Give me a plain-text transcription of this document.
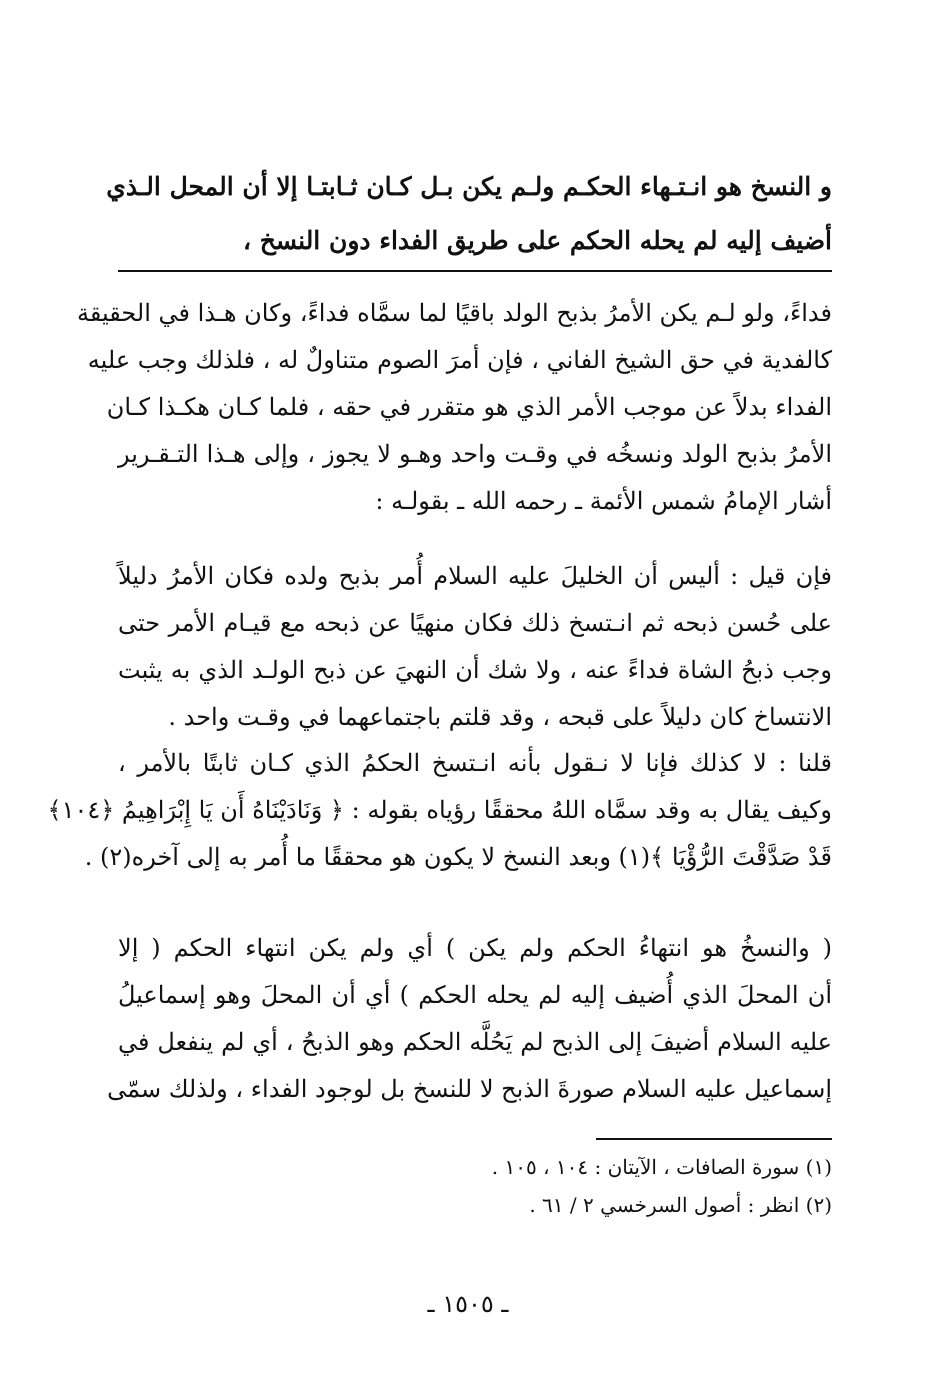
و النسخ هو انـتـهاء الحكـم ولـم يكن بـل كـان ثـابتـا إلا أن المحل الـذي
أضيف إليه لم يحله الحكم على طريق الفداء دون النسخ ،
فداءً، ولو لـم يكن الأمرُ بذبح الولد باقيًا لما سمَّاه فداءً، وكان هـذا في الحقيقة
كالفدية في حق الشيخ الفاني ، فإن أمرَ الصوم متناولٌ له ، فلذلك وجب عليه
الفداء بدلاً عن موجب الأمر الذي هو متقرر في حقه ، فلما كـان هكـذا كـان
الأمرُ بذبح الولد ونسخُه في وقـت واحد وهـو لا يجوز ، وإلى هـذا التـقـرير
أشار الإمامُ شمس الأئمة ـ رحمه الله ـ بقولـه :
فإن قيل : أليس أن الخليلَ عليه السلام أُمر بذبح ولده فكان الأمرُ دليلاً
على حُسن ذبحه ثم انـتسخ ذلك فكان منهيًا عن ذبحه مع قيـام الأمر حتى
وجب ذبحُ الشاة فداءً عنه ، ولا شك أن النهيَ عن ذبح الولـد الذي به يثبت
الانتساخ كان دليلاً على قبحه ، وقد قلتم باجتماعهما في وقـت واحد .
قلنا : لا كذلك فإنا لا نـقول بأنه انـتسخ الحكمُ الذي كـان ثابتًا بالأمر ،
وكيف يقال به وقد سمَّاه اللهُ محققًا رؤياه بقوله : ﴿ وَنَادَيْنَاهُ أَن يَا إِبْرَاهِيمُ ﴿١٠٤﴾
قَدْ صَدَّقْتَ الرُّؤْيَا ﴾(١) وبعد النسخ لا يكون هو محققًا ما أُمر به إلى آخره(٢) .
( والنسخُ هو انتهاءُ الحكم ولم يكن ) أي ولم يكن انتهاء الحكم ( إلا
أن المحلَ الذي أُضيف إليه لم يحله الحكم ) أي أن المحلَ وهو إسماعيلُ
عليه السلام أضيفَ إلى الذبح لم يَحُلَّه الحكم وهو الذبحُ ، أي لم ينفعل في
إسماعيل عليه السلام صورةَ الذبح لا للنسخ بل لوجود الفداء ، ولذلك سمّى
(١) سورة الصافات ، الآيتان : ١٠٤ ، ١٠٥ .
(٢) انظر : أصول السرخسي ٢ / ٦١ .
ـ ١٥٠٥ ـ
